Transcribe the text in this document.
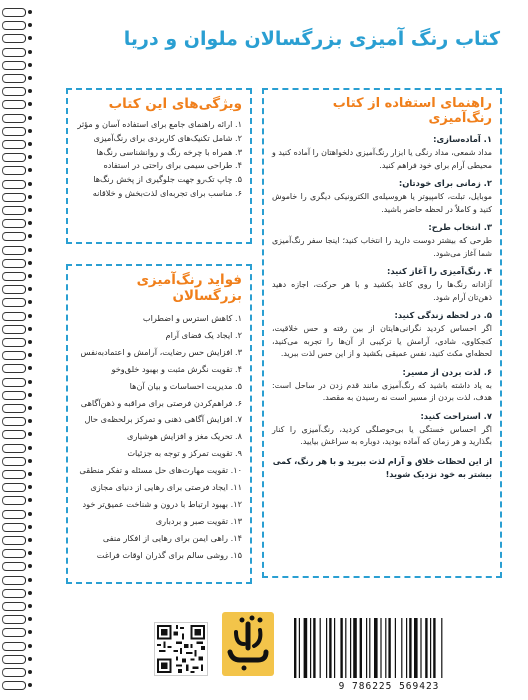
کتاب رنگ آمیزی بزرگسالان ملوان و دریا
ویژگی‌های این کتاب
۱. ارائه راهنمای جامع برای استفاده آسان و مؤثر
۲. شامل تکنیک‌های کاربردی برای رنگ‌آمیزی
۳. همراه با چرخه رنگ و روانشناسی رنگ‌ها
۴. طراحی سیمی برای راحتی در استفاده
۵. چاپ تک‌رو جهت جلوگیری از پخش رنگ‌ها
۶. مناسب برای تجربه‌ای لذت‌بخش و خلاقانه
فواید رنگ‌آمیزی بزرگسالان
۱. کاهش استرس و اضطراب
۲. ایجاد یک فضای آرام
۳. افزایش حس رضایت، آرامش و اعتمادبه‌نفس
۴. تقویت نگرش مثبت و بهبود خلق‌وخو
۵. مدیریت احساسات و بیان آن‌ها
۶. فراهم‌کردن فرصتی برای مراقبه و ذهن‌آگاهی
۷. افزایش آگاهی ذهنی و تمرکز برلحظه‌ی حال
۸. تحریک مغز و افزایش هوشیاری
۹. تقویت تمرکز و توجه به جزئیات
۱۰. تقویت مهارت‌های حل مسئله و تفکر منطقی
۱۱. ایجاد فرصتی برای رهایی از دنیای مجازی
۱۲. بهبود ارتباط با درون و شناخت عمیق‌تر خود
۱۳. تقویت صبر و بردباری
۱۴. راهی ایمن برای رهایی از افکار منفی
۱۵. روشی سالم برای گذران اوقات فراغت
راهنمای استفاده از کتاب رنگ‌آمیزی
۱. آماده‌سازی:

مداد شمعی، مداد رنگی یا ابزار رنگ‌آمیزی دلخواهتان را آماده کنید و محیطی آرام برای خود فراهم کنید.

۲. زمانی برای خودتان:

موبایل، تبلت، کامپیوتر یا هروسیله‌ی الکترونیکی دیگری را خاموش کنید و کاملاً در لحظه حاضر باشید.

۳. انتخاب طرح:

طرحی که بیشتر دوست دارید را انتخاب کنید؛ اینجا سفر رنگ‌آمیزی شما آغاز می‌شود.

۴. رنگ‌آمیزی را آغاز کنید:

آزادانه رنگ‌ها را روی کاغذ بکشید و با هر حرکت، اجازه دهید ذهن‌تان آرام شود.

۵. در لحظه زندگی کنید:

اگر احساس کردید نگرانی‌هایتان از بین رفته و حس خلاقیت، کنجکاوی، شادی، آرامش یا ترکیبی از آن‌ها را تجربه می‌کنید، لحظه‌ای مکث کنید، نفس عمیقی بکشید و از این حس لذت ببرید.

۶. لذت بردن از مسیر:

به یاد داشته باشید که رنگ‌آمیزی مانند قدم زدن در ساحل است: هدف، لذت بردن از مسیر است نه رسیدن به مقصد.

۷. استراحت کنید:

اگر احساس خستگی یا بی‌حوصلگی کردید، رنگ‌آمیزی را کنار بگذارید و هر زمان که آماده بودید، دوباره به سراغش بیایید.

از این لحظات خلاق و آرام لذت ببرید و با هر رنگ، کمی بیشتر به خود نزدیک شوید!

9 786225 569423
